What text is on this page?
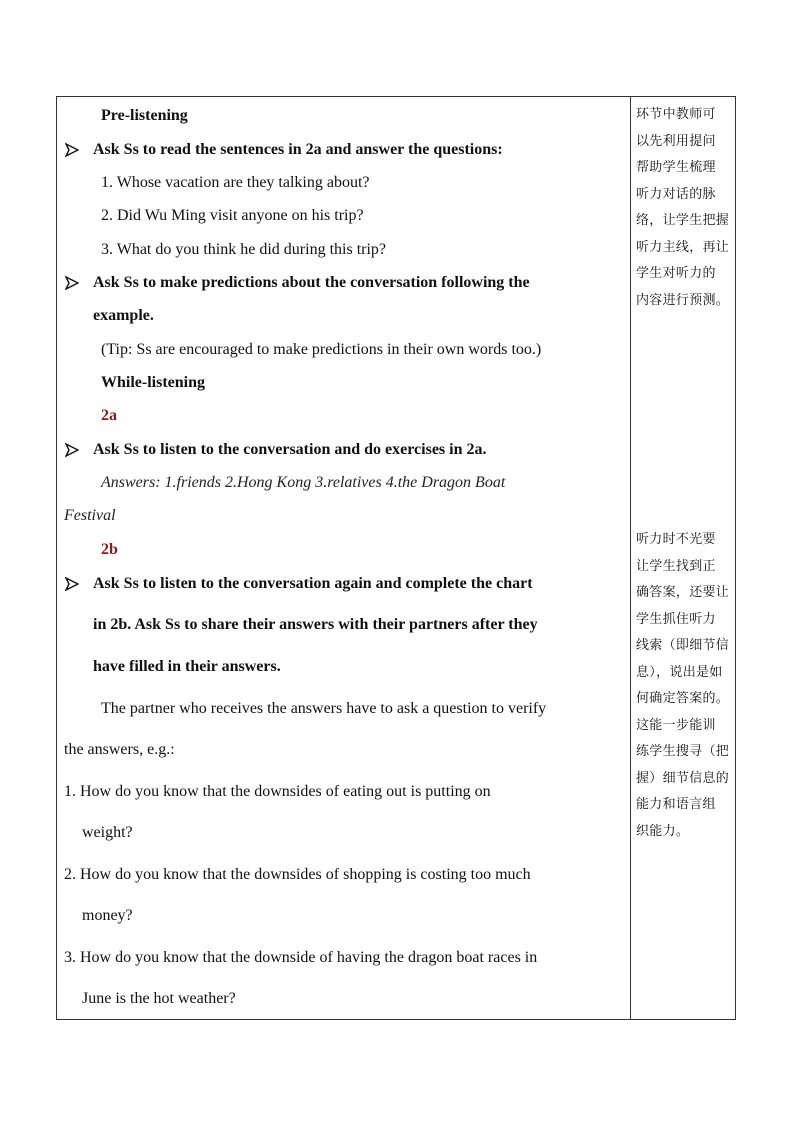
Pre-listening
Ask Ss to read the sentences in 2a and answer the questions:
1. Whose vacation are they talking about?
2. Did Wu Ming visit anyone on his trip?
3. What do you think he did during this trip?
Ask Ss to make predictions about the conversation following the
example.
(Tip: Ss are encouraged to make predictions in their own words too.)
While-listening
2a
Ask Ss to listen to the conversation and do exercises in 2a.
Answers: 1.friends 2.Hong Kong 3.relatives 4.the Dragon Boat
Festival
2b
Ask Ss to listen to the conversation again and complete the chart
in 2b. Ask Ss to share their answers with their partners after they
have filled in their answers.
The partner who receives the answers have to ask a question to verify
the answers, e.g.:
1. How do you know that the downsides of eating out is putting on
weight?
2. How do you know that the downsides of shopping is costing too much
money?
3. How do you know that the downside of having the dragon boat races in
June is the hot weather?
环节中教师可
以先利用提问
帮助学生梳理
听力对话的脉
络，让学生把握
听力主线，再让
学生对听力的
内容进行预测。
听力时不光要
让学生找到正
确答案，还要让
学生抓住听力
线索（即细节信
息），说出是如
何确定答案的。
这能一步能训
练学生搜寻（把
握）细节信息的
能力和语言组
织能力。
